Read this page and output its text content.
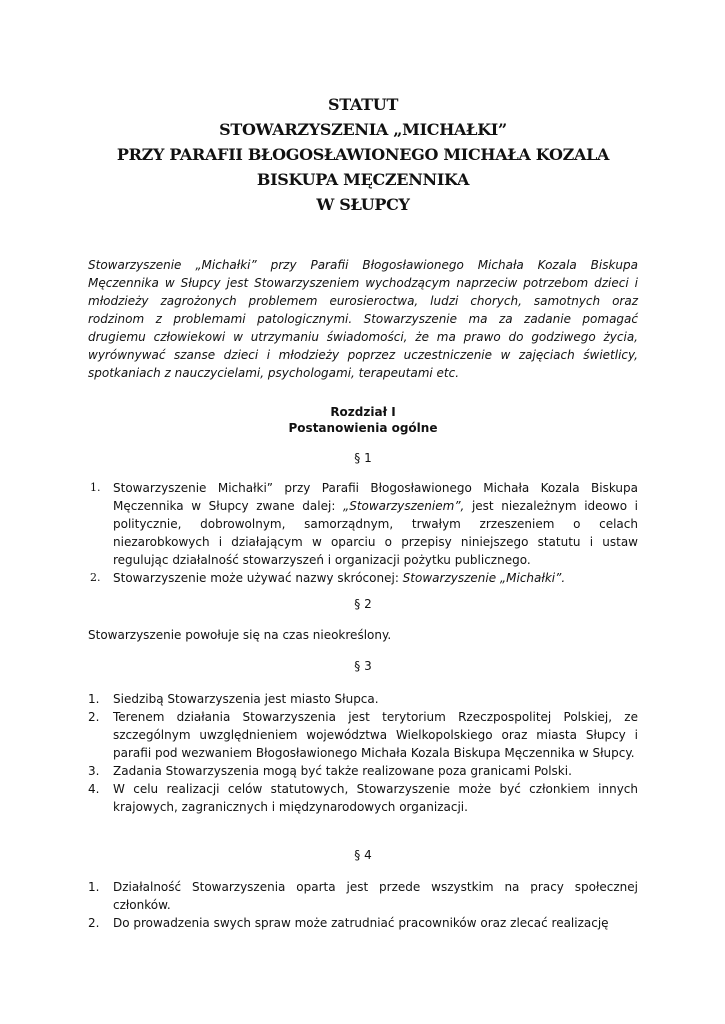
STATUT
STOWARZYSZENIA „MICHAŁKI”
PRZY PARAFII BŁOGOSŁAWIONEGO MICHAŁA KOZALA
BISKUPA MĘCZENNIKA
W SŁUPCY
Stowarzyszenie „Michałki” przy Parafii Błogosławionego Michała Kozala Biskupa Męczennika w Słupcy jest Stowarzyszeniem wychodzącym naprzeciw potrzebom dzieci i młodzieży zagrożonych problemem eurosieroctwa, ludzi chorych, samotnych oraz rodzinom z problemami patologicznymi. Stowarzyszenie ma za zadanie pomagać drugiemu człowiekowi w utrzymaniu świadomości, że ma prawo do godziwego życia, wyrównywać szanse dzieci i młodzieży poprzez uczestniczenie w zajęciach świetlicy, spotkaniach z nauczycielami, psychologami, terapeutami etc.
Rozdział I
Postanowienia ogólne
§ 1
1. Stowarzyszenie Michałki” przy Parafii Błogosławionego Michała Kozala Biskupa Męczennika w Słupcy zwane dalej: „Stowarzyszeniem”, jest niezależnym ideowo i politycznie, dobrowolnym, samorządnym, trwałym zrzeszeniem o celach niezarobkowych i działającym w oparciu o przepisy niniejszego statutu i ustaw regulując działalność stowarzyszeń i organizacji pożytku publicznego.
2. Stowarzyszenie może używać nazwy skróconej: Stowarzyszenie „Michałki”.
§ 2
Stowarzyszenie powołuje się na czas nieokreślony.
§ 3
1. Siedzibą Stowarzyszenia jest miasto Słupca.
2. Terenem działania Stowarzyszenia jest terytorium Rzeczpospolitej Polskiej, ze szczególnym uwzględnieniem województwa Wielkopolskiego oraz miasta Słupcy i parafii pod wezwaniem Błogosławionego Michała Kozala Biskupa Męczennika w Słupcy.
3. Zadania Stowarzyszenia mogą być także realizowane poza granicami Polski.
4. W celu realizacji celów statutowych, Stowarzyszenie może być członkiem innych krajowych, zagranicznych i międzynarodowych organizacji.
§ 4
1. Działalność Stowarzyszenia oparta jest przede wszystkim na pracy społecznej członków.
2. Do prowadzenia swych spraw może zatrudniać pracowników oraz zlecać realizację
